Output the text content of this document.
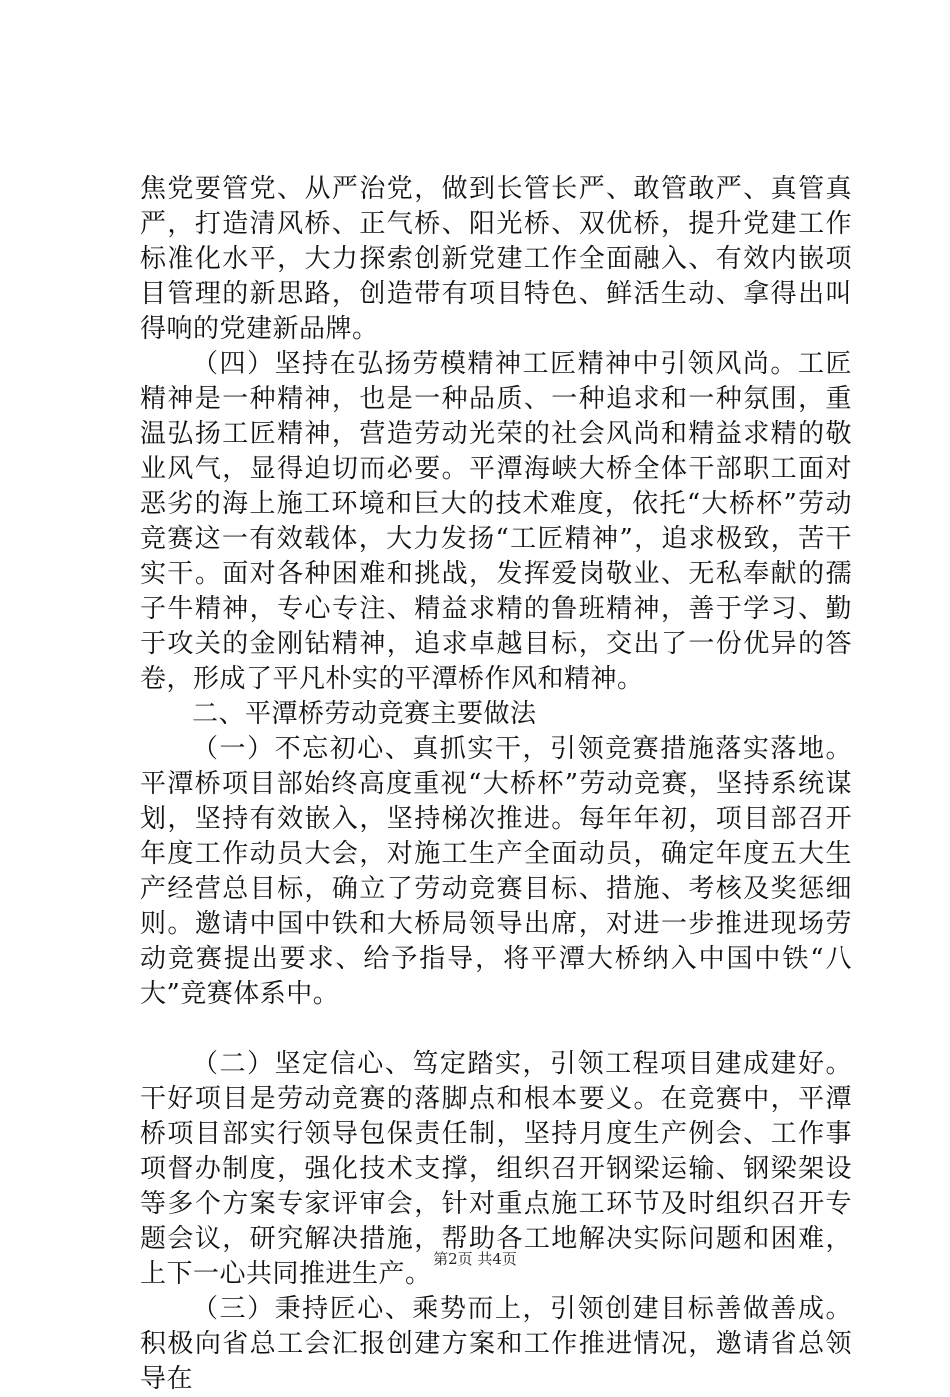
焦党要管党、从严治党，做到长管长严、敢管敢严、真管真严，打造清风桥、正气桥、阳光桥、双优桥，提升党建工作标准化水平，大力探索创新党建工作全面融入、有效内嵌项目管理的新思路，创造带有项目特色、鲜活生动、拿得出叫得响的党建新品牌。

（四）坚持在弘扬劳模精神工匠精神中引领风尚。工匠精神是一种精神，也是一种品质、一种追求和一种氛围，重温弘扬工匠精神，营造劳动光荣的社会风尚和精益求精的敬业风气，显得迫切而必要。平潭海峡大桥全体干部职工面对恶劣的海上施工环境和巨大的技术难度，依托“大桥杯”劳动竞赛这一有效载体，大力发扬“工匠精神”，追求极致，苦干实干。面对各种困难和挑战，发挥爱岗敬业、无私奉献的孺子牛精神，专心专注、精益求精的鲁班精神，善于学习、勤于攻关的金刚钻精神，追求卓越目标，交出了一份优异的答卷，形成了平凡朴实的平潭桥作风和精神。

二、平潭桥劳动竞赛主要做法

（一）不忘初心、真抓实干，引领竞赛措施落实落地。平潭桥项目部始终高度重视“大桥杯”劳动竞赛，坚持系统谋划，坚持有效嵌入，坚持梯次推进。每年年初，项目部召开年度工作动员大会，对施工生产全面动员，确定年度五大生产经营总目标，确立了劳动竞赛目标、措施、考核及奖惩细则。邀请中国中铁和大桥局领导出席，对进一步推进现场劳动竞赛提出要求、给予指导，将平潭大桥纳入中国中铁“八大”竞赛体系中。

（二）坚定信心、笃定踏实，引领工程项目建成建好。干好项目是劳动竞赛的落脚点和根本要义。在竞赛中，平潭桥项目部实行领导包保责任制，坚持月度生产例会、工作事项督办制度，强化技术支撑，组织召开钢梁运输、钢梁架设等多个方案专家评审会，针对重点施工环节及时组织召开专题会议，研究解决措施，帮助各工地解决实际问题和困难，上下一心共同推进生产。

（三）秉持匠心、乘势而上，引领创建目标善做善成。积极向省总工会汇报创建方案和工作推进情况，邀请省总领导在

第2页 共4页
